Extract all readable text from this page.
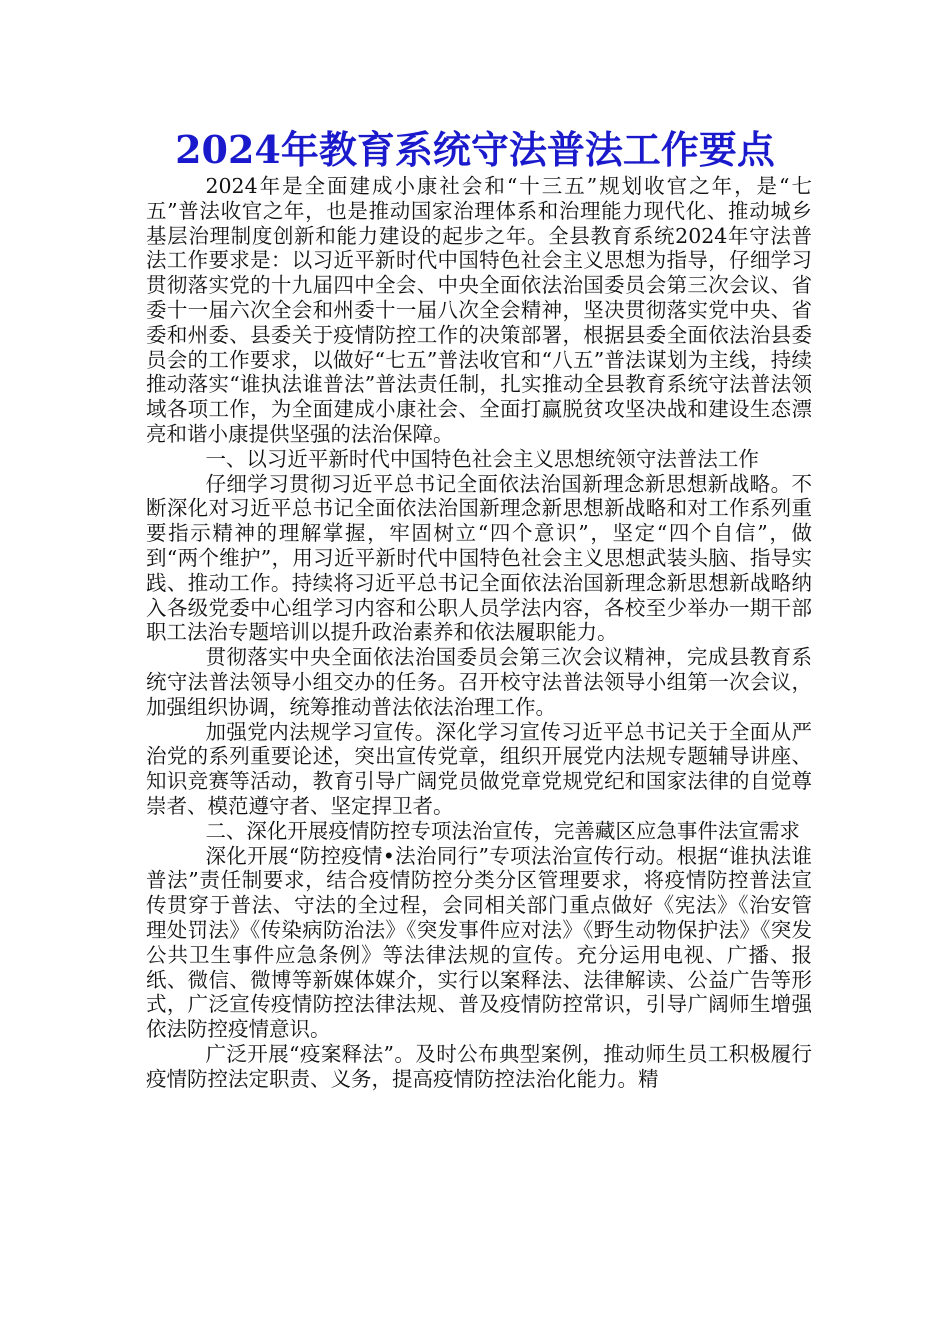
2024年教育系统守法普法工作要点

2024年是全面建成小康社会和“十三五”规划收官之年，是“七五”普法收官之年，也是推动国家治理体系和治理能力现代化、推动城乡基层治理制度创新和能力建设的起步之年。全县教育系统2024年守法普法工作要求是：以习近平新时代中国特色社会主义思想为指导，仔细学习贯彻落实党的十九届四中全会、中央全面依法治国委员会第三次会议、省委十一届六次全会和州委十一届八次全会精神，坚决贯彻落实党中央、省委和州委、县委关于疫情防控工作的决策部署，根据县委全面依法治县委员会的工作要求，以做好“七五”普法收官和“八五”普法谋划为主线，持续推动落实“谁执法谁普法”普法责任制，扎实推动全县教育系统守法普法领域各项工作，为全面建成小康社会、全面打赢脱贫攻坚决战和建设生态漂亮和谐小康提供坚强的法治保障。

一、以习近平新时代中国特色社会主义思想统领守法普法工作

仔细学习贯彻习近平总书记全面依法治国新理念新思想新战略。不断深化对习近平总书记全面依法治国新理念新思想新战略和对工作系列重要指示精神的理解掌握，牢固树立“四个意识”，坚定“四个自信”，做到“两个维护”，用习近平新时代中国特色社会主义思想武装头脑、指导实践、推动工作。持续将习近平总书记全面依法治国新理念新思想新战略纳入各级党委中心组学习内容和公职人员学法内容，各校至少举办一期干部职工法治专题培训以提升政治素养和依法履职能力。

贯彻落实中央全面依法治国委员会第三次会议精神，完成县教育系统守法普法领导小组交办的任务。召开校守法普法领导小组第一次会议，加强组织协调，统筹推动普法依法治理工作。

加强党内法规学习宣传。深化学习宣传习近平总书记关于全面从严治党的系列重要论述，突出宣传党章，组织开展党内法规专题辅导讲座、知识竞赛等活动，教育引导广阔党员做党章党规党纪和国家法律的自觉尊崇者、模范遵守者、坚定捍卫者。

二、深化开展疫情防控专项法治宣传，完善藏区应急事件法宣需求

深化开展“防控疫情•法治同行”专项法治宣传行动。根据“谁执法谁普法”责任制要求，结合疫情防控分类分区管理要求，将疫情防控普法宣传贯穿于普法、守法的全过程，会同相关部门重点做好《宪法》《治安管理处罚法》《传染病防治法》《突发事件应对法》《野生动物保护法》《突发公共卫生事件应急条例》等法律法规的宣传。充分运用电视、广播、报纸、微信、微博等新媒体媒介，实行以案释法、法律解读、公益广告等形式，广泛宣传疫情防控法律法规、普及疫情防控常识，引导广阔师生增强依法防控疫情意识。

广泛开展“疫案释法”。及时公布典型案例，推动师生员工积极履行疫情防控法定职责、义务，提高疫情防控法治化能力。精
